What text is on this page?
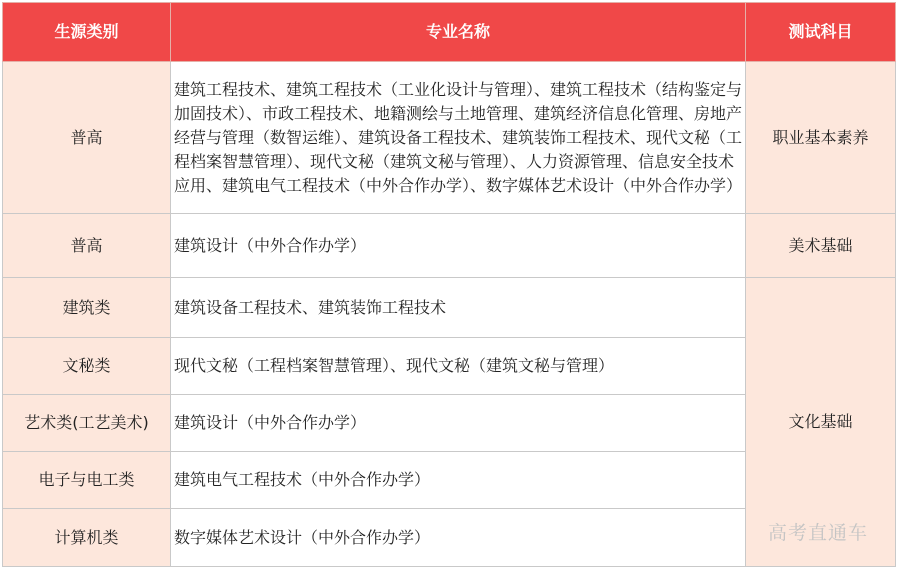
生源类别	专业名称	测试科目
普高	建筑工程技术、建筑工程技术（工业化设计与管理）、建筑工程技术（结构鉴定与加固技术）、市政工程技术、地籍测绘与土地管理、建筑经济信息化管理、房地产经营与管理（数智运维）、建筑设备工程技术、建筑装饰工程技术、现代文秘（工程档案智慧管理）、现代文秘（建筑文秘与管理）、人力资源管理、信息安全技术应用、建筑电气工程技术（中外合作办学）、数字媒体艺术设计（中外合作办学）	职业基本素养
普高	建筑设计（中外合作办学）	美术基础
建筑类	建筑设备工程技术、建筑装饰工程技术	文化基础
文秘类	现代文秘（工程档案智慧管理）、现代文秘（建筑文秘与管理）	
艺术类(工艺美术)	建筑设计（中外合作办学）	
电子与电工类	建筑电气工程技术（中外合作办学）	
计算机类	数字媒体艺术设计（中外合作办学）		高考直通车
